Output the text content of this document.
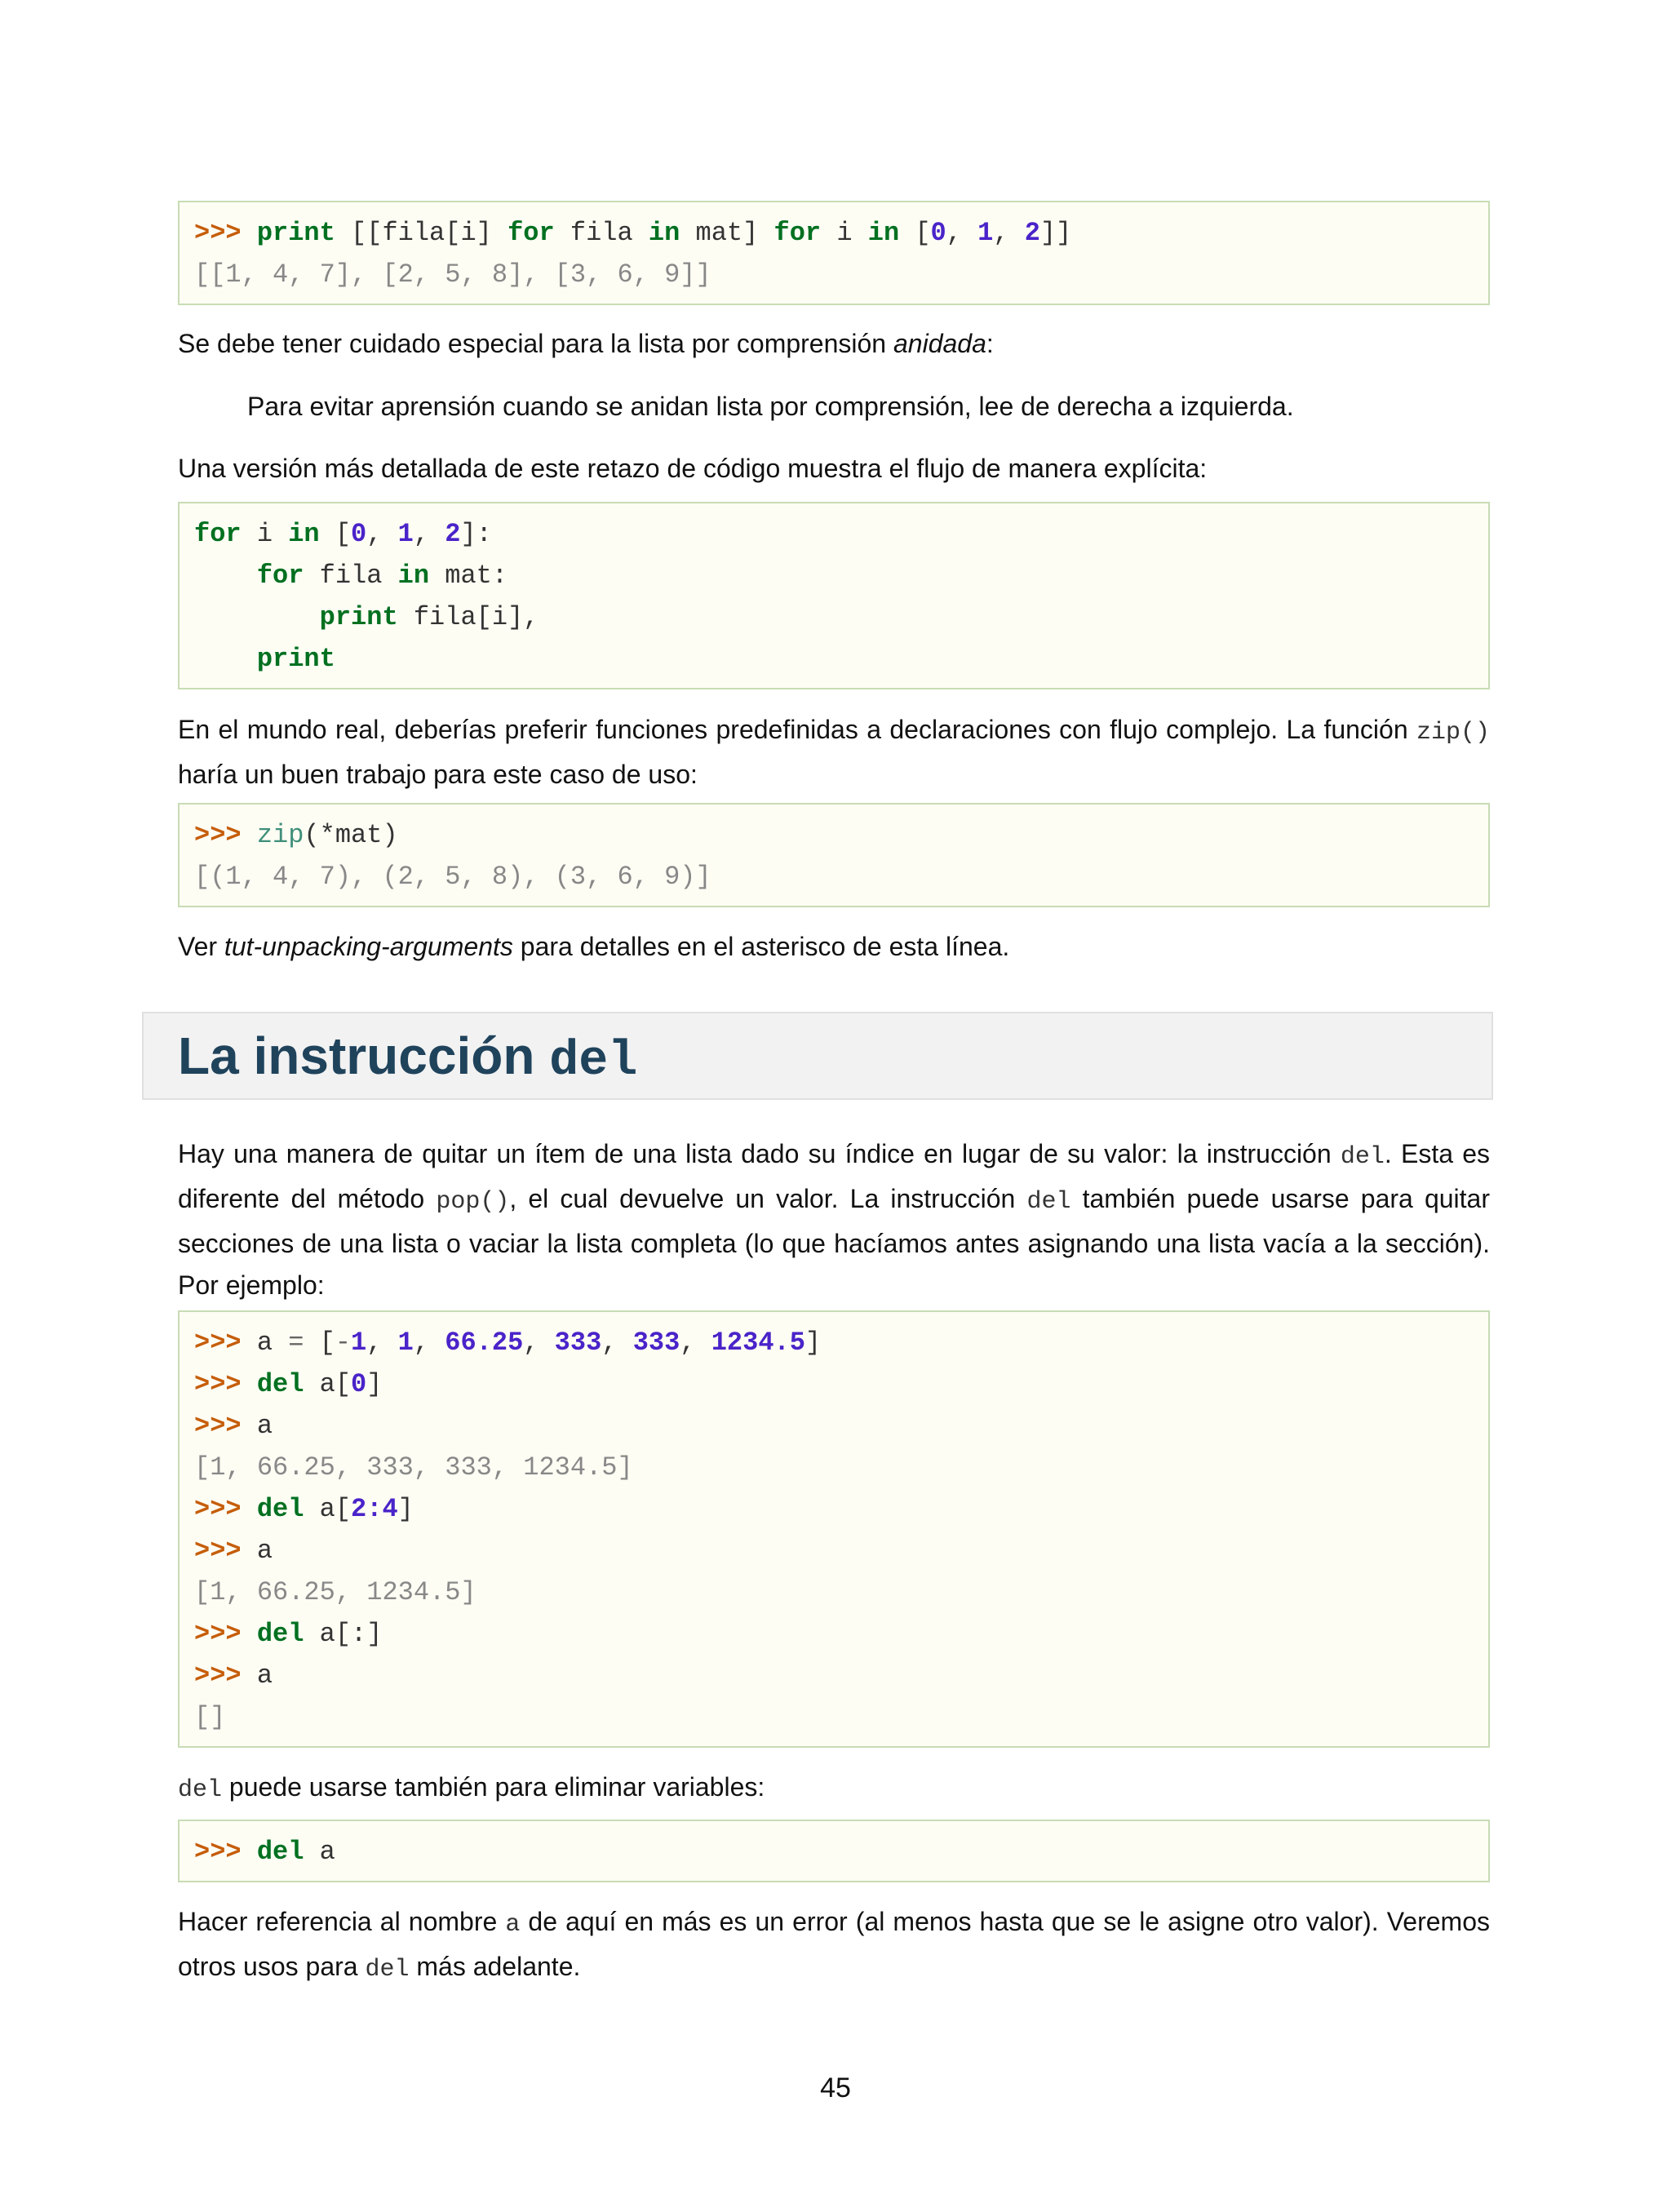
>>> print [[fila[i] for fila in mat] for i in [0, 1, 2]]
[[1, 4, 7], [2, 5, 8], [3, 6, 9]]
Se debe tener cuidado especial para la lista por comprensión anidada:
Para evitar aprensión cuando se anidan lista por comprensión, lee de derecha a izquierda.
Una versión más detallada de este retazo de código muestra el flujo de manera explícita:
for i in [0, 1, 2]:
for fila in mat:
print fila[i],
print
En el mundo real, deberías preferir funciones predefinidas a declaraciones con flujo complejo. La función zip() haría un buen trabajo para este caso de uso:
>>> zip(*mat)
[(1, 4, 7), (2, 5, 8), (3, 6, 9)]
Ver tut-unpacking-arguments para detalles en el asterisco de esta línea.
La instrucción del
Hay una manera de quitar un ítem de una lista dado su índice en lugar de su valor: la instrucción del. Esta es diferente del método pop(), el cual devuelve un valor. La instrucción del también puede usarse para quitar secciones de una lista o vaciar la lista completa (lo que hacíamos antes asignando una lista vacía a la sección). Por ejemplo:
>>> a = [-1, 1, 66.25, 333, 333, 1234.5]
>>> del a[0]
>>> a
[1, 66.25, 333, 333, 1234.5]
>>> del a[2:4]
>>> a
[1, 66.25, 1234.5]
>>> del a[:]
>>> a
[]
del puede usarse también para eliminar variables:
>>> del a
Hacer referencia al nombre a de aquí en más es un error (al menos hasta que se le asigne otro valor). Veremos otros usos para del más adelante.
45
